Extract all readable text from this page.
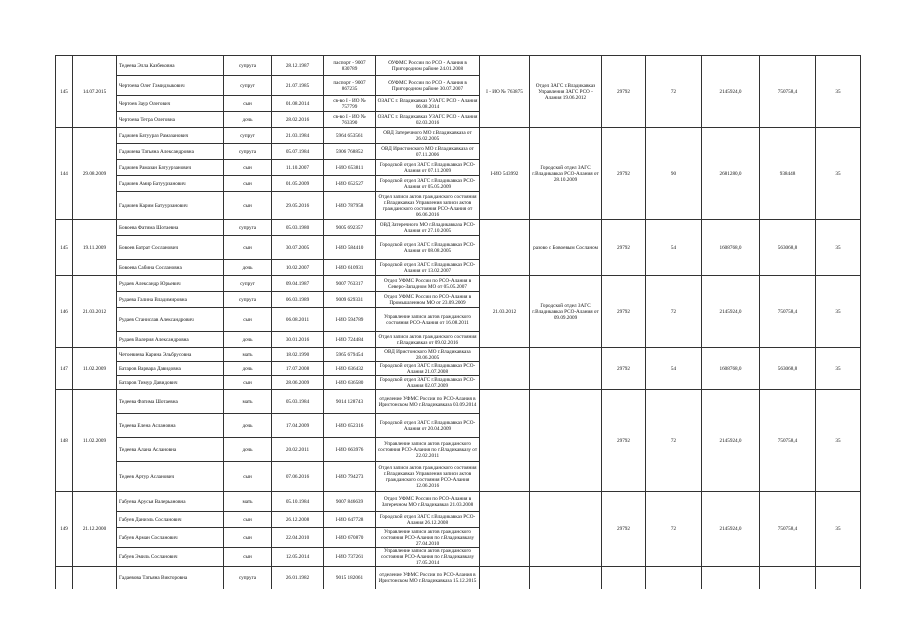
145	14.07.2015	Тедеева Элла Казбековна	супруга	28.12.1987	паспорт - 9007 830789	ОУФМС России по РСО - Алания в Пригородном районе 24.01.2008	I - ИО № 763875	Отдел ЗАГС г.Владикавказ Управления ЗАГС РСО - Алания 19.06.2012	29792	72	2145924,0	750758,4	35
		Чертоева Олег Гамидзыкович	супруг	21.07.1985	паспорт - 9007 867235	ОУФМС России по РСО - Алания в Пригородном районе 30.07.2007							
		Чертоев Заур Олегович	сын	01.08.2014	св-во I - ИО № 757799	ОЗАГС г. Владикавказ УЗАГС РСО - Алания 06.08.2014							
		Чертоева Тетра Олеговна	дочь	28.02.2016	св-во I - ИО № 763390	ОЗАГС г. Владикавказ УЗАГС РСО - Алания 02.03.2016							
144	29.08.2009	Гаджиев Батуураз Рамазанович	супруг	21.03.1984	5964 653561	ОВД Затеречного МО г.Владикавказа от 26.02.2005	I-ИО 543992	Городской отдел ЗАГС г.Владикавказ РСО-Алания от 28.10.2009	29792	90	2681280,0	938448	35
		Гаджиева Татьяна Александровна	супруга	05.07.1984	5906 768852	ОВД Иристонского МО г.Владикавказа от 07.11.2006							
		Гаджиев Рамазан Батуурзанович	сын	11.10.2007	I-ИО 653811	Городской отдел ЗАГС г.Владикавказ РСО-Алания от 07.11.2009							
		Гаджиев Амир Батуурзанович	сын	01.05.2009	I-ИО 652527	Городской отдел ЗАГС г.Владикавказ РСО-Алания от 05.05.2009							
		Гаджиев Карим Батуурзанович	сын	29.05.2016	I-ИО 787958	Отдел записи актов гражданского состояния г.Владикавказ Управления записи актов гражданского состояния РСО-Алания от 06.06.2016							
145	19.11.2009	Бовоева Фатима Шотаевна	супруга	05.03.1980	9005 692357	ОВД Затеречного МО г.Владикавказа РСО-Алания от 27.10.2005		разово с Бовоевым Сосланом	29792	54	1608768,0	563068,8	35
		Бовоев Батрат Сосланович	сын	30.07.2005	I-ИО 584410	Городской отдел ЗАГС г.Владикавказ РСО-Алания от 08.08.2005							
		Бовоева Сабина Сослановна	дочь	10.02.2007	I-ИО 610931	Городской отдел ЗАГС г.Владикавказ РСО-Алания от 13.02.2007							
146	21.03.2012	Рудаев Александр Юрьевич	супруг	09.04.1987	9007 763317	Отдел УФМС России по РСО-Алания в Северо-Западном МО от 05.05.2007	21.03.2012	Городской отдел ЗАГС г.Владикавказ РСО-Алания от 09.09.2009	29792	72	2145924,0	750758,4	35
		Рудаева Галина Владимировна	супруга	06.03.1989	9009 629331	Отдел УФМС России по РСО-Алания в Промышленном МО от 23.09.2009							
		Рудаев Станислав Александрович	сын	06.08.2011	I-ИО 594789	Управление записи актов гражданского состояния РСО-Алания от 16.08.2011							
		Рудаев Валерия Александровна	дочь	30.01.2016	I-ИО 724484	Отдел записи актов гражданского состояния г.Владикавказ от 09.02.2016							
147	11.02.2009	Четоевиева Карина Эльбрусовна	мать	18.02.1990	5965 679454	ОВД Иристонского МО г.Владикавказа 28.06.2005			29792	54	1608768,0	563068,8	35
		Батаров Варвара Давидовна	дочь	17.07.2008	I-ИО 636432	Городской отдел ЗАГС г.Владикавказ РСО-Алания 21.07.2008							
		Батаров Тимур Давидович	сын	28.06.2009	I-ИО 636580	Городской отдел ЗАГС г.Владикавказ РСО-Алания 02.07.2009							
148	11.02.2009	Тедеева Фатима Шотаевна	мать	05.03.1984	9014 128743	отделение УФМС России по РСО-Алания в Иристонском МО г.Владикавказа 03.09.2014			29792	72	2145924,0	750758,4	35
		Тедеева Елена Аслановна	дочь	17.04.2009	I-ИО 652316	Городской отдел ЗАГС г.Владикавказ РСО-Алания от 20.04.2009							
		Тедеева Алана Аслановна	дочь	20.02.2011	I-ИО 663976	Управление записи актов гражданского состояния РСО-Алания по г.Владикавказу от 22.02.2011							
		Тедеев Артур Асланович	сын	07.06.2016	I-ИО 794273	Отдел записи актов гражданского состояния г.Владикавказ Управления записи актов гражданского состояния РСО-Алания 12.06.2016							
149	21.12.2000	Габуева Арусья Валерьановна	мать	05.10.1984	9007 846639	Отдел УФМС России по РСО-Алания в Затеречном МО г.Владикавказ 21.03.2008			29792	72	2145924,0	750758,4	35
		Габуев Даниэль Сосланович	сын	26.12.2008	I-ИО 647728	Городской отдел ЗАГС г.Владикавказ РСО-Алания 26.12.2008							
		Габуев Арман Сосланович	сын	22.04.2010	I-ИО 670870	Управление записи актов гражданского состояния РСО-Алания по г.Владикавказу 27.04.2010							
		Габуев Эмиль Сосланович	сын	12.05.2014	I-ИО 737261	Управление записи актов гражданского состояния РСО-Алания по г.Владикавказу 17.05.2014							
		Гадаевова Татьяна Викторовна	супруга	26.01.1982	9015 182061	отделение УФМС России по РСО-Алания в Иристонском МО г.Владикавказа 15.12.2015							
